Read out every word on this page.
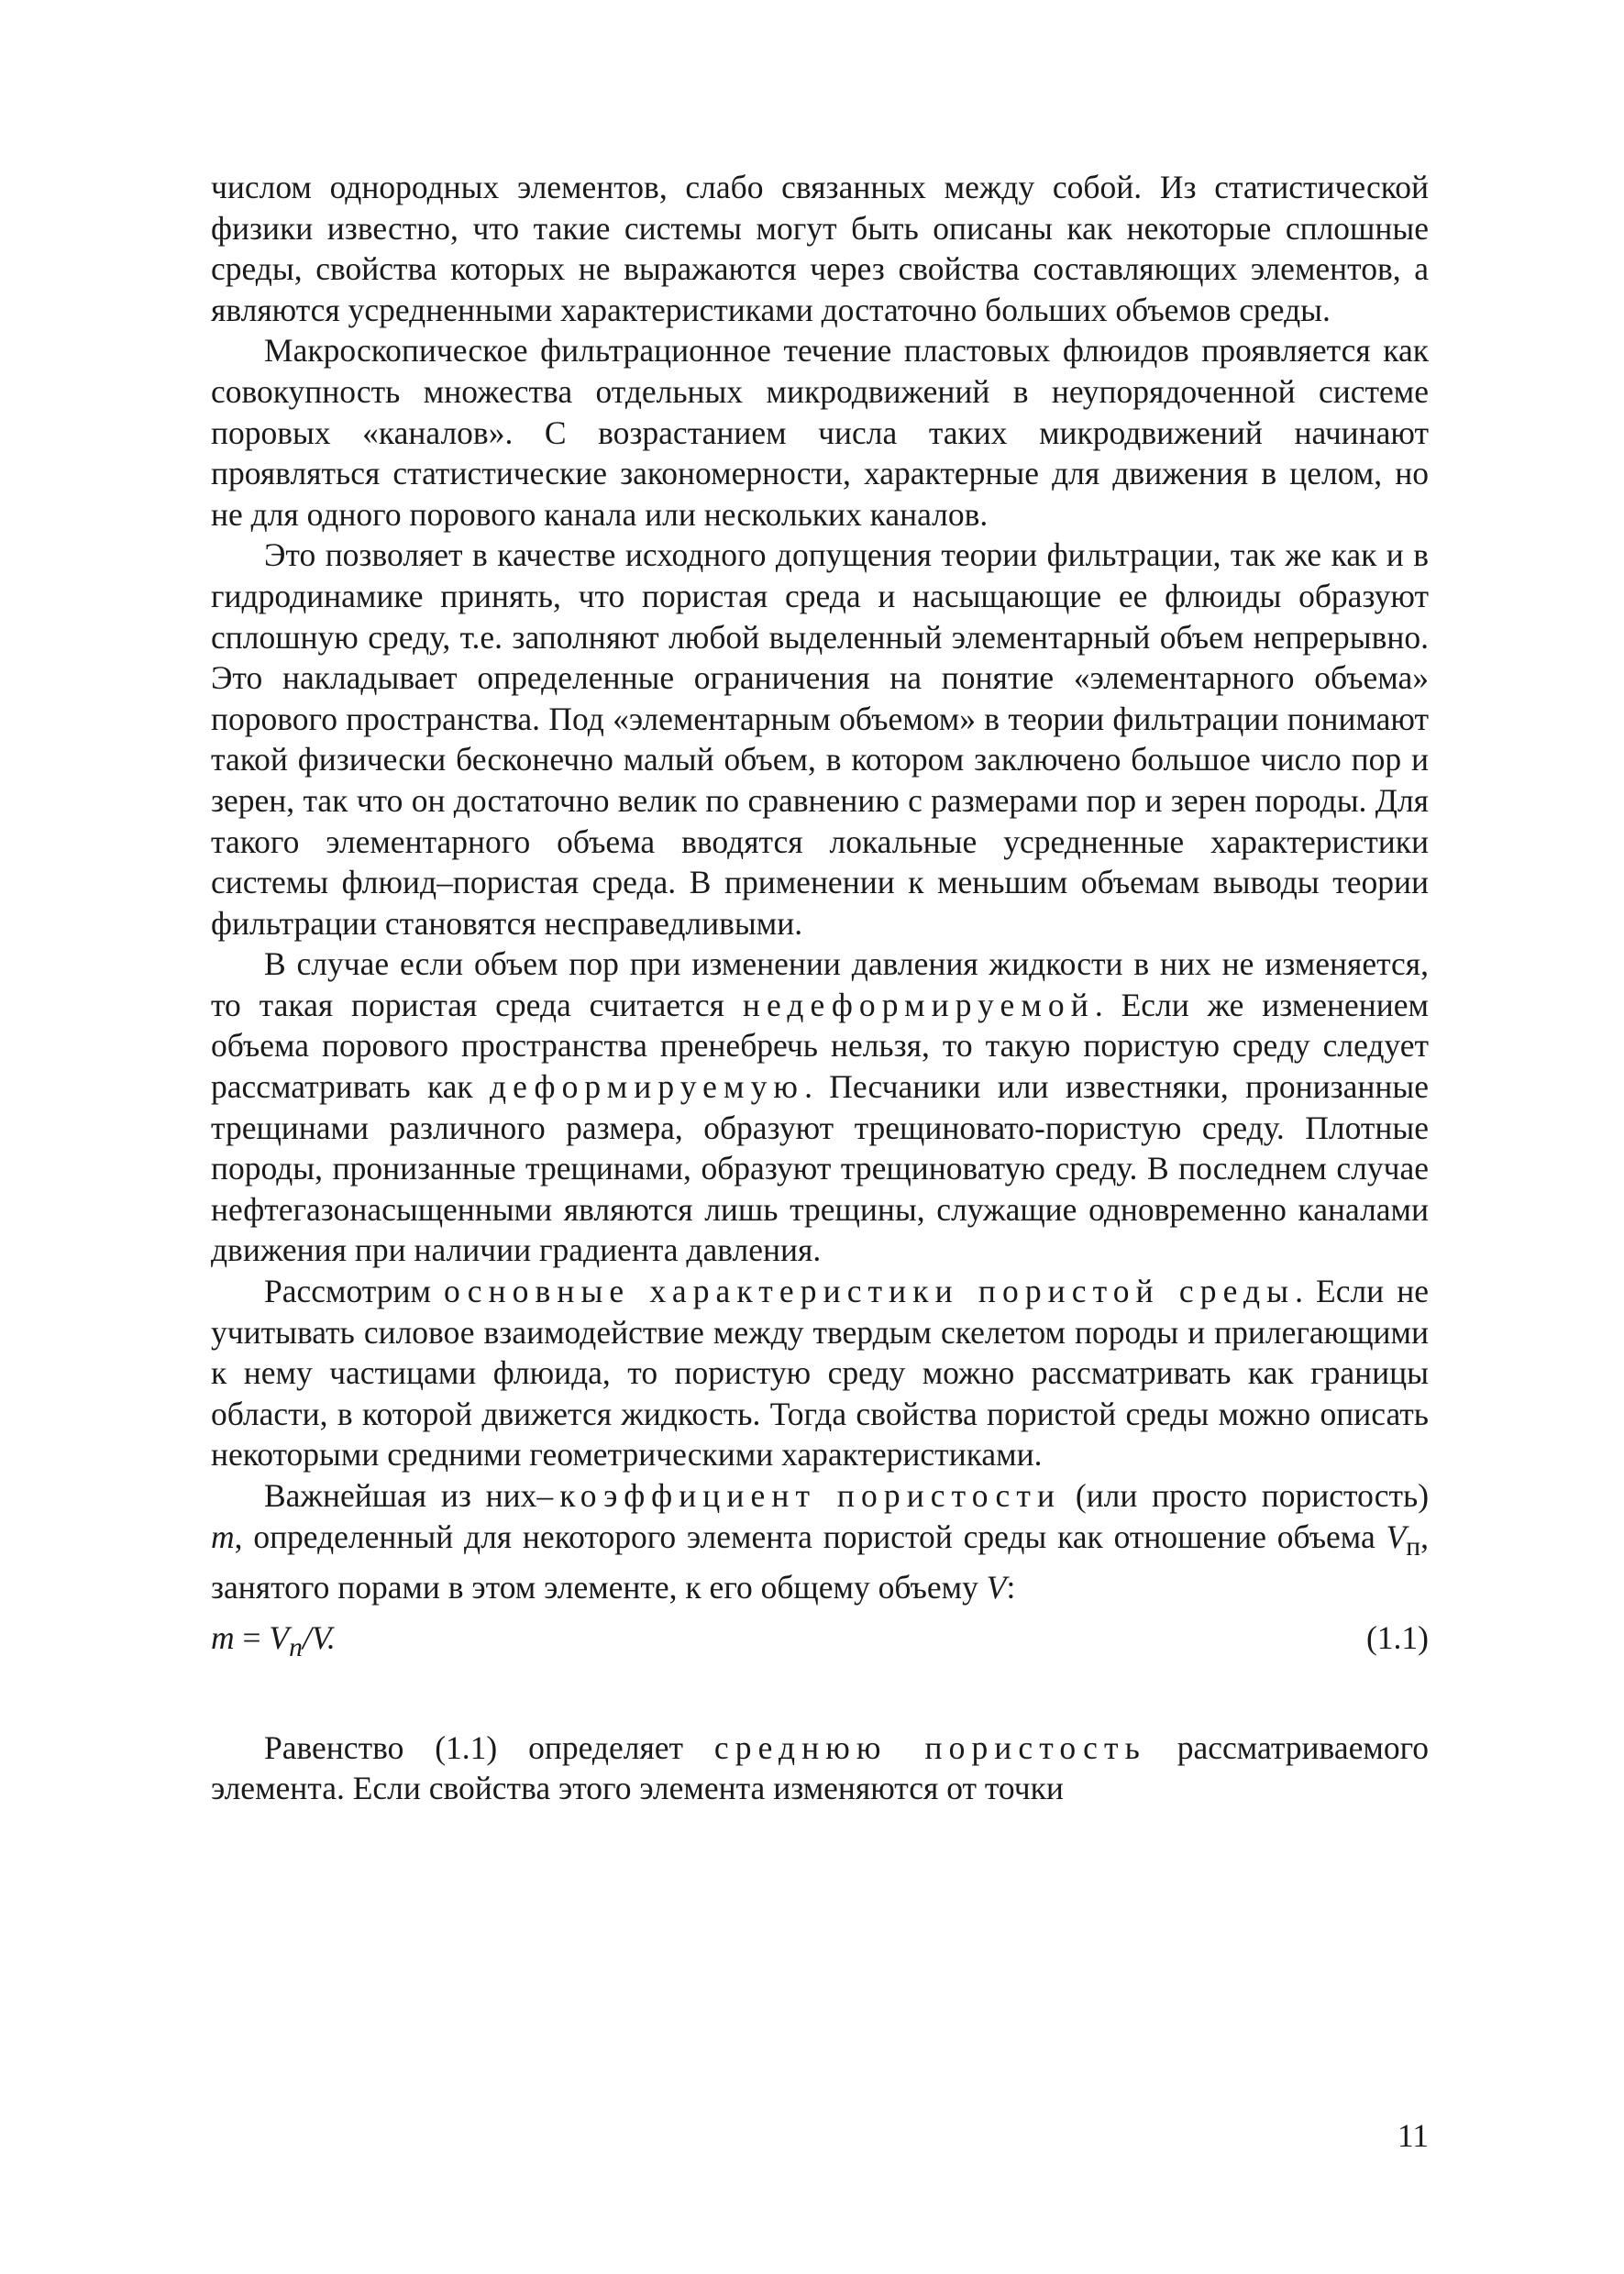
числом однородных элементов, слабо связанных между собой. Из статистической физики известно, что такие системы могут быть описаны как некоторые сплошные среды, свойства которых не выражаются через свойства составляющих элементов, а являются усредненными характеристиками достаточно больших объемов среды.

Макроскопическое фильтрационное течение пластовых флюидов проявляется как совокупность множества отдельных микродвижений в неупорядоченной системе поровых «каналов». С возрастанием числа таких микродвижений начинают проявляться статистические закономерности, характерные для движения в целом, но не для одного порового канала или нескольких каналов.

Это позволяет в качестве исходного допущения теории фильтрации, так же как и в гидродинамике принять, что пористая среда и насыщающие ее флюиды образуют сплошную среду, т.е. заполняют любой выделенный элементарный объем непрерывно. Это накладывает определенные ограничения на понятие «элементарного объема» порового пространства. Под «элементарным объемом» в теории фильтрации понимают такой физически бесконечно малый объем, в котором заключено большое число пор и зерен, так что он достаточно велик по сравнению с размерами пор и зерен породы. Для такого элементарного объема вводятся локальные усредненные характеристики системы флюид–пористая среда. В применении к меньшим объемам выводы теории фильтрации становятся несправедливыми.

В случае если объем пор при изменении давления жидкости в них не изменяется, то такая пористая среда считается недеформируемой. Если же изменением объема порового пространства пренебречь нельзя, то такую пористую среду следует рассматривать как деформируемую. Песчаники или известняки, пронизанные трещинами различного размера, образуют трещиновато-пористую среду. Плотные породы, пронизанные трещинами, образуют трещиноватую среду. В последнем случае нефтегазонасыщенными являются лишь трещины, служащие одновременно каналами движения при наличии градиента давления.

Рассмотрим основные характеристики пористой среды. Если не учитывать силовое взаимодействие между твердым скелетом породы и прилегающими к нему частицами флюида, то пористую среду можно рассматривать как границы области, в которой движется жидкость. Тогда свойства пористой среды можно описать некоторыми средними геометрическими характеристиками.

Важнейшая из них–коэффициент пористости (или просто пористость) m, определенный для некоторого элемента пористой среды как отношение объема $V_п$, занятого порами в этом элементе, к его общему объему V:

$m = V_п/V$.	(1.1)

Равенство (1.1) определяет среднюю пористость рассматриваемого элемента. Если свойства этого элемента изменяются от точки

11
